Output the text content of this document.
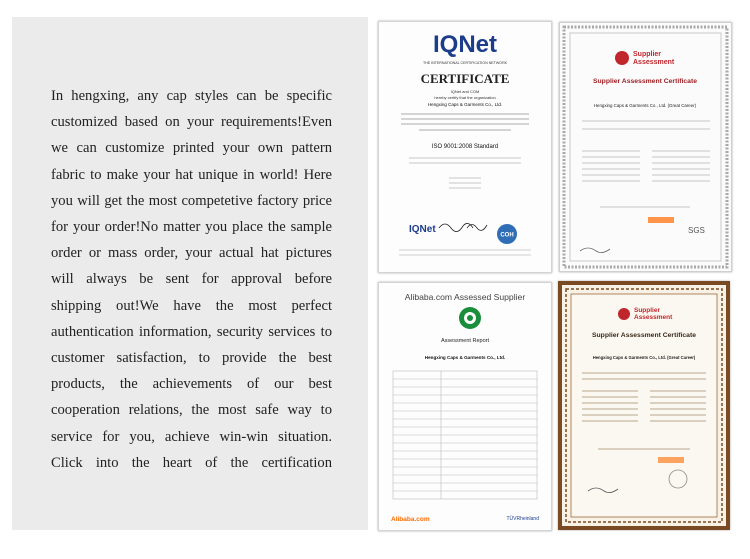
In hengxing, any cap styles can be specific customized based on your requirements!Even we can customize printed your own pattern fabric to make your hat unique in world! Here you will get the most competetive factory price for your order!No matter you place the sample order or mass order, your actual hat pictures will always be sent for approval before shipping out!We have the most perfect authentication information, security services to customer satisfaction, to provide the best products, the achievements of our best cooperation relations, the most safe way to service for you, achieve win-win situation. Click into the heart of the certification

IQNet
THE INTERNATIONAL CERTIFICATION NETWORK
CERTIFICATE
IQNet and COM
hereby certify that the organization
Hengxing Caps & Garments Co., Ltd.
ISO 9001:2008 Standard
IQNet
COH
Supplier
Assessment
Supplier Assessment Certificate
Hengxing Caps & Garments Co., Ltd. (Great Career)
SGS
Alibaba.com Assessed Supplier
Assessment Report
Hengxing Caps & Garments Co., Ltd.
Alibaba.com	TÜVRheinland
Supplier
Assessment
Supplier Assessment Certificate
Hengxing Caps & Garments Co., Ltd. (Great Career)
